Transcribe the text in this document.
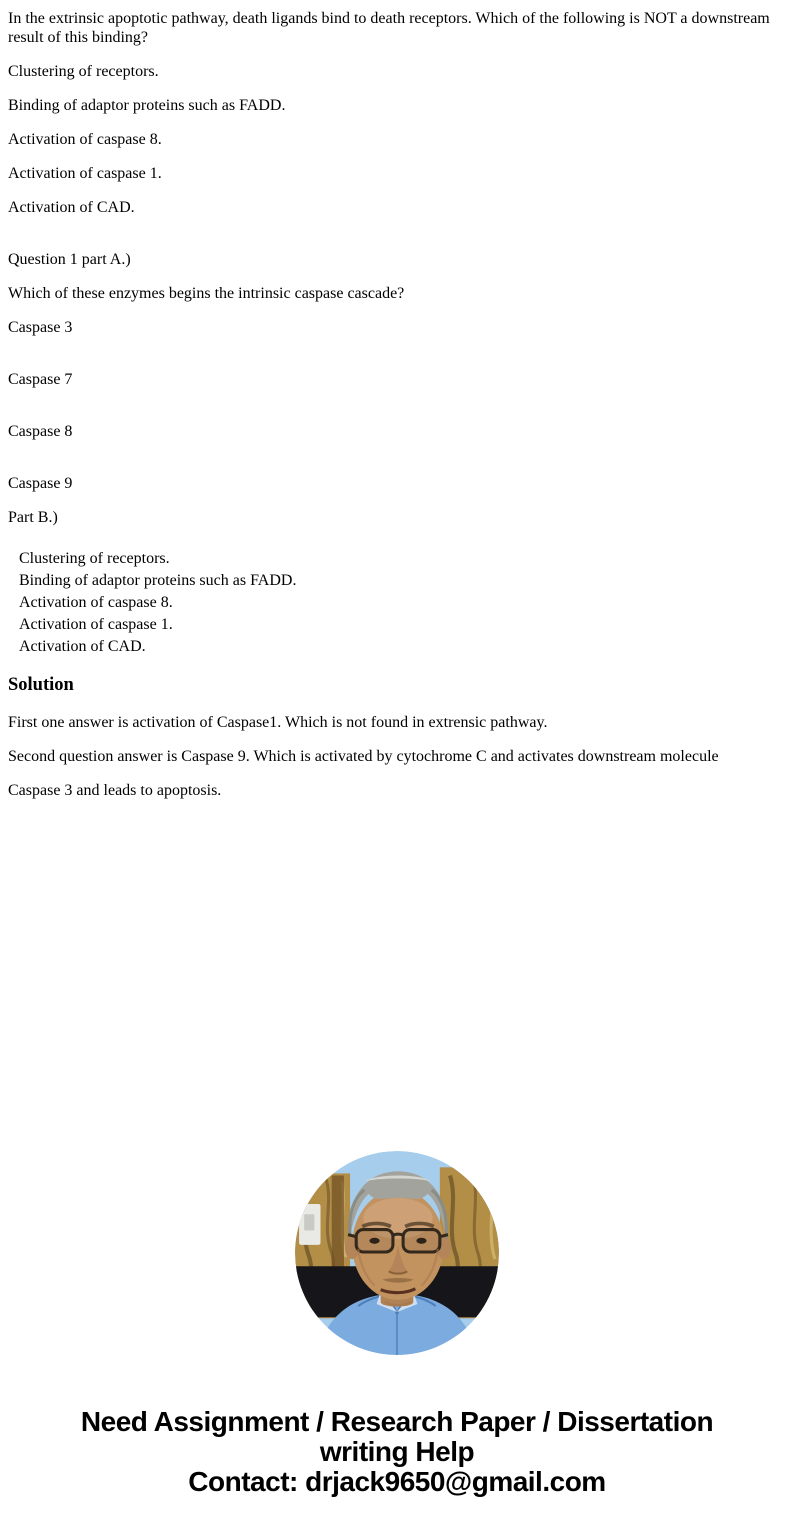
In the extrinsic apoptotic pathway, death ligands bind to death receptors. Which of the following is NOT a downstream result of this binding?

Clustering of receptors.

Binding of adaptor proteins such as FADD.

Activation of caspase 8.

Activation of caspase 1.

Activation of CAD.

Question 1 part A.)

Which of these enzymes begins the intrinsic caspase cascade?

Caspase 3

Caspase 7

Caspase 8

Caspase 9

Part B.)

Clustering of receptors.
Binding of adaptor proteins such as FADD.
Activation of caspase 8.
Activation of caspase 1.
Activation of CAD.
Solution

First one answer is activation of Caspase1. Which is not found in extrensic pathway.

Second question answer is Caspase 9. Which is activated by cytochrome C and activates downstream molecule

Caspase 3 and leads to apoptosis.

Need Assignment / Research Paper / Dissertation
writing Help
Contact: drjack9650@gmail.com
